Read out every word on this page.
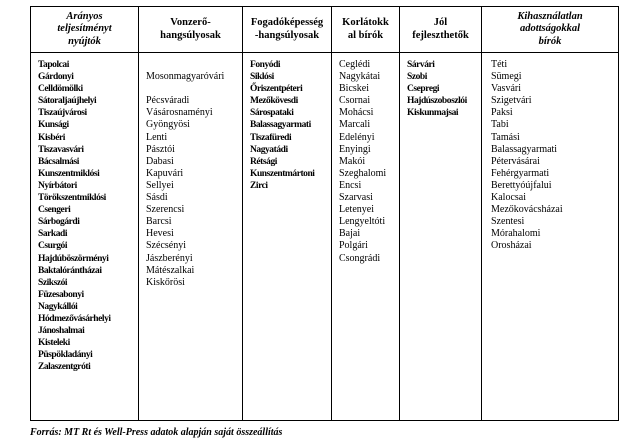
Arányos
teljesítményt
nyújtók
Tapolcai
Gárdonyi
Celldömölki
Sátoraljaújhelyi
Tiszaújvárosi
Kunsági
Kisbéri
Tiszavasvári
Bácsalmási
Kunszentmiklósi
Nyírbátori
Törökszentmiklósi
Csengeri
Sárbogárdi
Sarkadi
Csurgói
Hajdúböszörményi
Baktalórántházai
Szikszói
Füzesabonyi
Nagykállói
Hódmezővásárhelyi
Jánoshalmai
Kisteleki
Püspökladányi
Zalaszentgróti
Vonzerő-
hangsúlyosak

Mosonmagyaróvári

Pécsváradi
Vásárosnaményi
Gyöngyösi
Lenti
Pásztói
Dabasi
Kapuvári
Sellyei
Sásdi
Szerencsi
Barcsi
Hevesi
Szécsényi
Jászberényi
Mátészalkai
Kiskőrösi
Fogadóképesség
-hangsúlyosak
Fonyódi
Siklósi
Őriszentpéteri
Mezőkövesdi
Sárospataki
Balassagyarmati
Tiszafüredi
Nagyatádi
Rétsági
Kunszentmártoni
Zirci
Korlátokk
al bírók
Ceglédi
Nagykátai
Bicskei
Csornai
Mohácsi
Marcali
Edelényi
Enyingi
Makói
Szeghalomi
Encsi
Szarvasi
Letenyei
Lengyeltóti
Bajai
Polgári
Csongrádi
Jól
fejleszthetők
Sárvári
Szobi
Csepregi
Hajdúszoboszlói
Kiskunmajsai
Kihasználatlan
adottságokkal
bírók
Téti
Sümegi
Vasvári
Szigetvári
Paksi
Tabi
Tamási
Balassagyarmati
Pétervásárai
Fehérgyarmati
Berettyóújfalui
Kalocsai
Mezőkovácsházai
Szentesi
Mórahalomi
Orosházai
Forrás: MT Rt és Well-Press adatok alapján saját összeállítás
